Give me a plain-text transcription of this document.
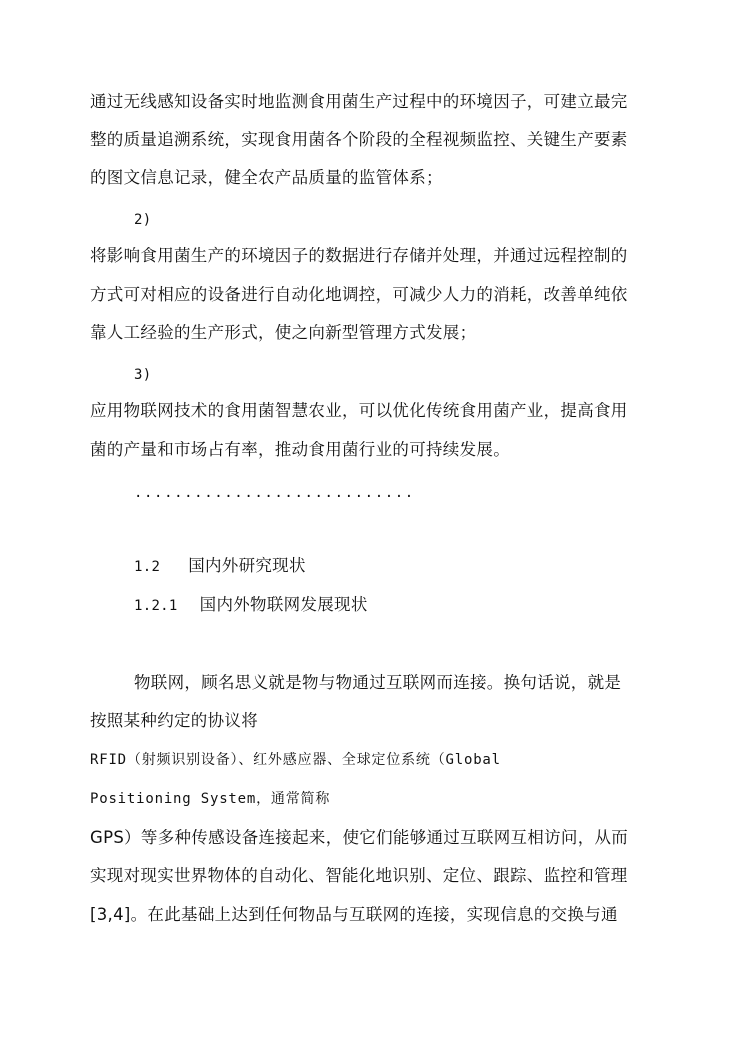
通过无线感知设备实时地监测食用菌生产过程中的环境因子，可建立最完
整的质量追溯系统，实现食用菌各个阶段的全程视频监控、关键生产要素
的图文信息记录，健全农产品质量的监管体系；
2)
将影响食用菌生产的环境因子的数据进行存储并处理，并通过远程控制的
方式可对相应的设备进行自动化地调控，可减少人力的消耗，改善单纯依
靠人工经验的生产形式，使之向新型管理方式发展；
3)
应用物联网技术的食用菌智慧农业，可以优化传统食用菌产业，提高食用
菌的产量和市场占有率，推动食用菌行业的可持续发展。
............................
1.2 国内外研究现状
1.2.1 国内外物联网发展现状
物联网，顾名思义就是物与物通过互联网而连接。换句话说，就是
按照某种约定的协议将
RFID（射频识别设备）、红外感应器、全球定位系统（Global
Positioning System，通常简称
GPS）等多种传感设备连接起来，使它们能够通过互联网互相访问，从而
实现对现实世界物体的自动化、智能化地识别、定位、跟踪、监控和管理
[3,4]。在此基础上达到任何物品与互联网的连接，实现信息的交换与通
